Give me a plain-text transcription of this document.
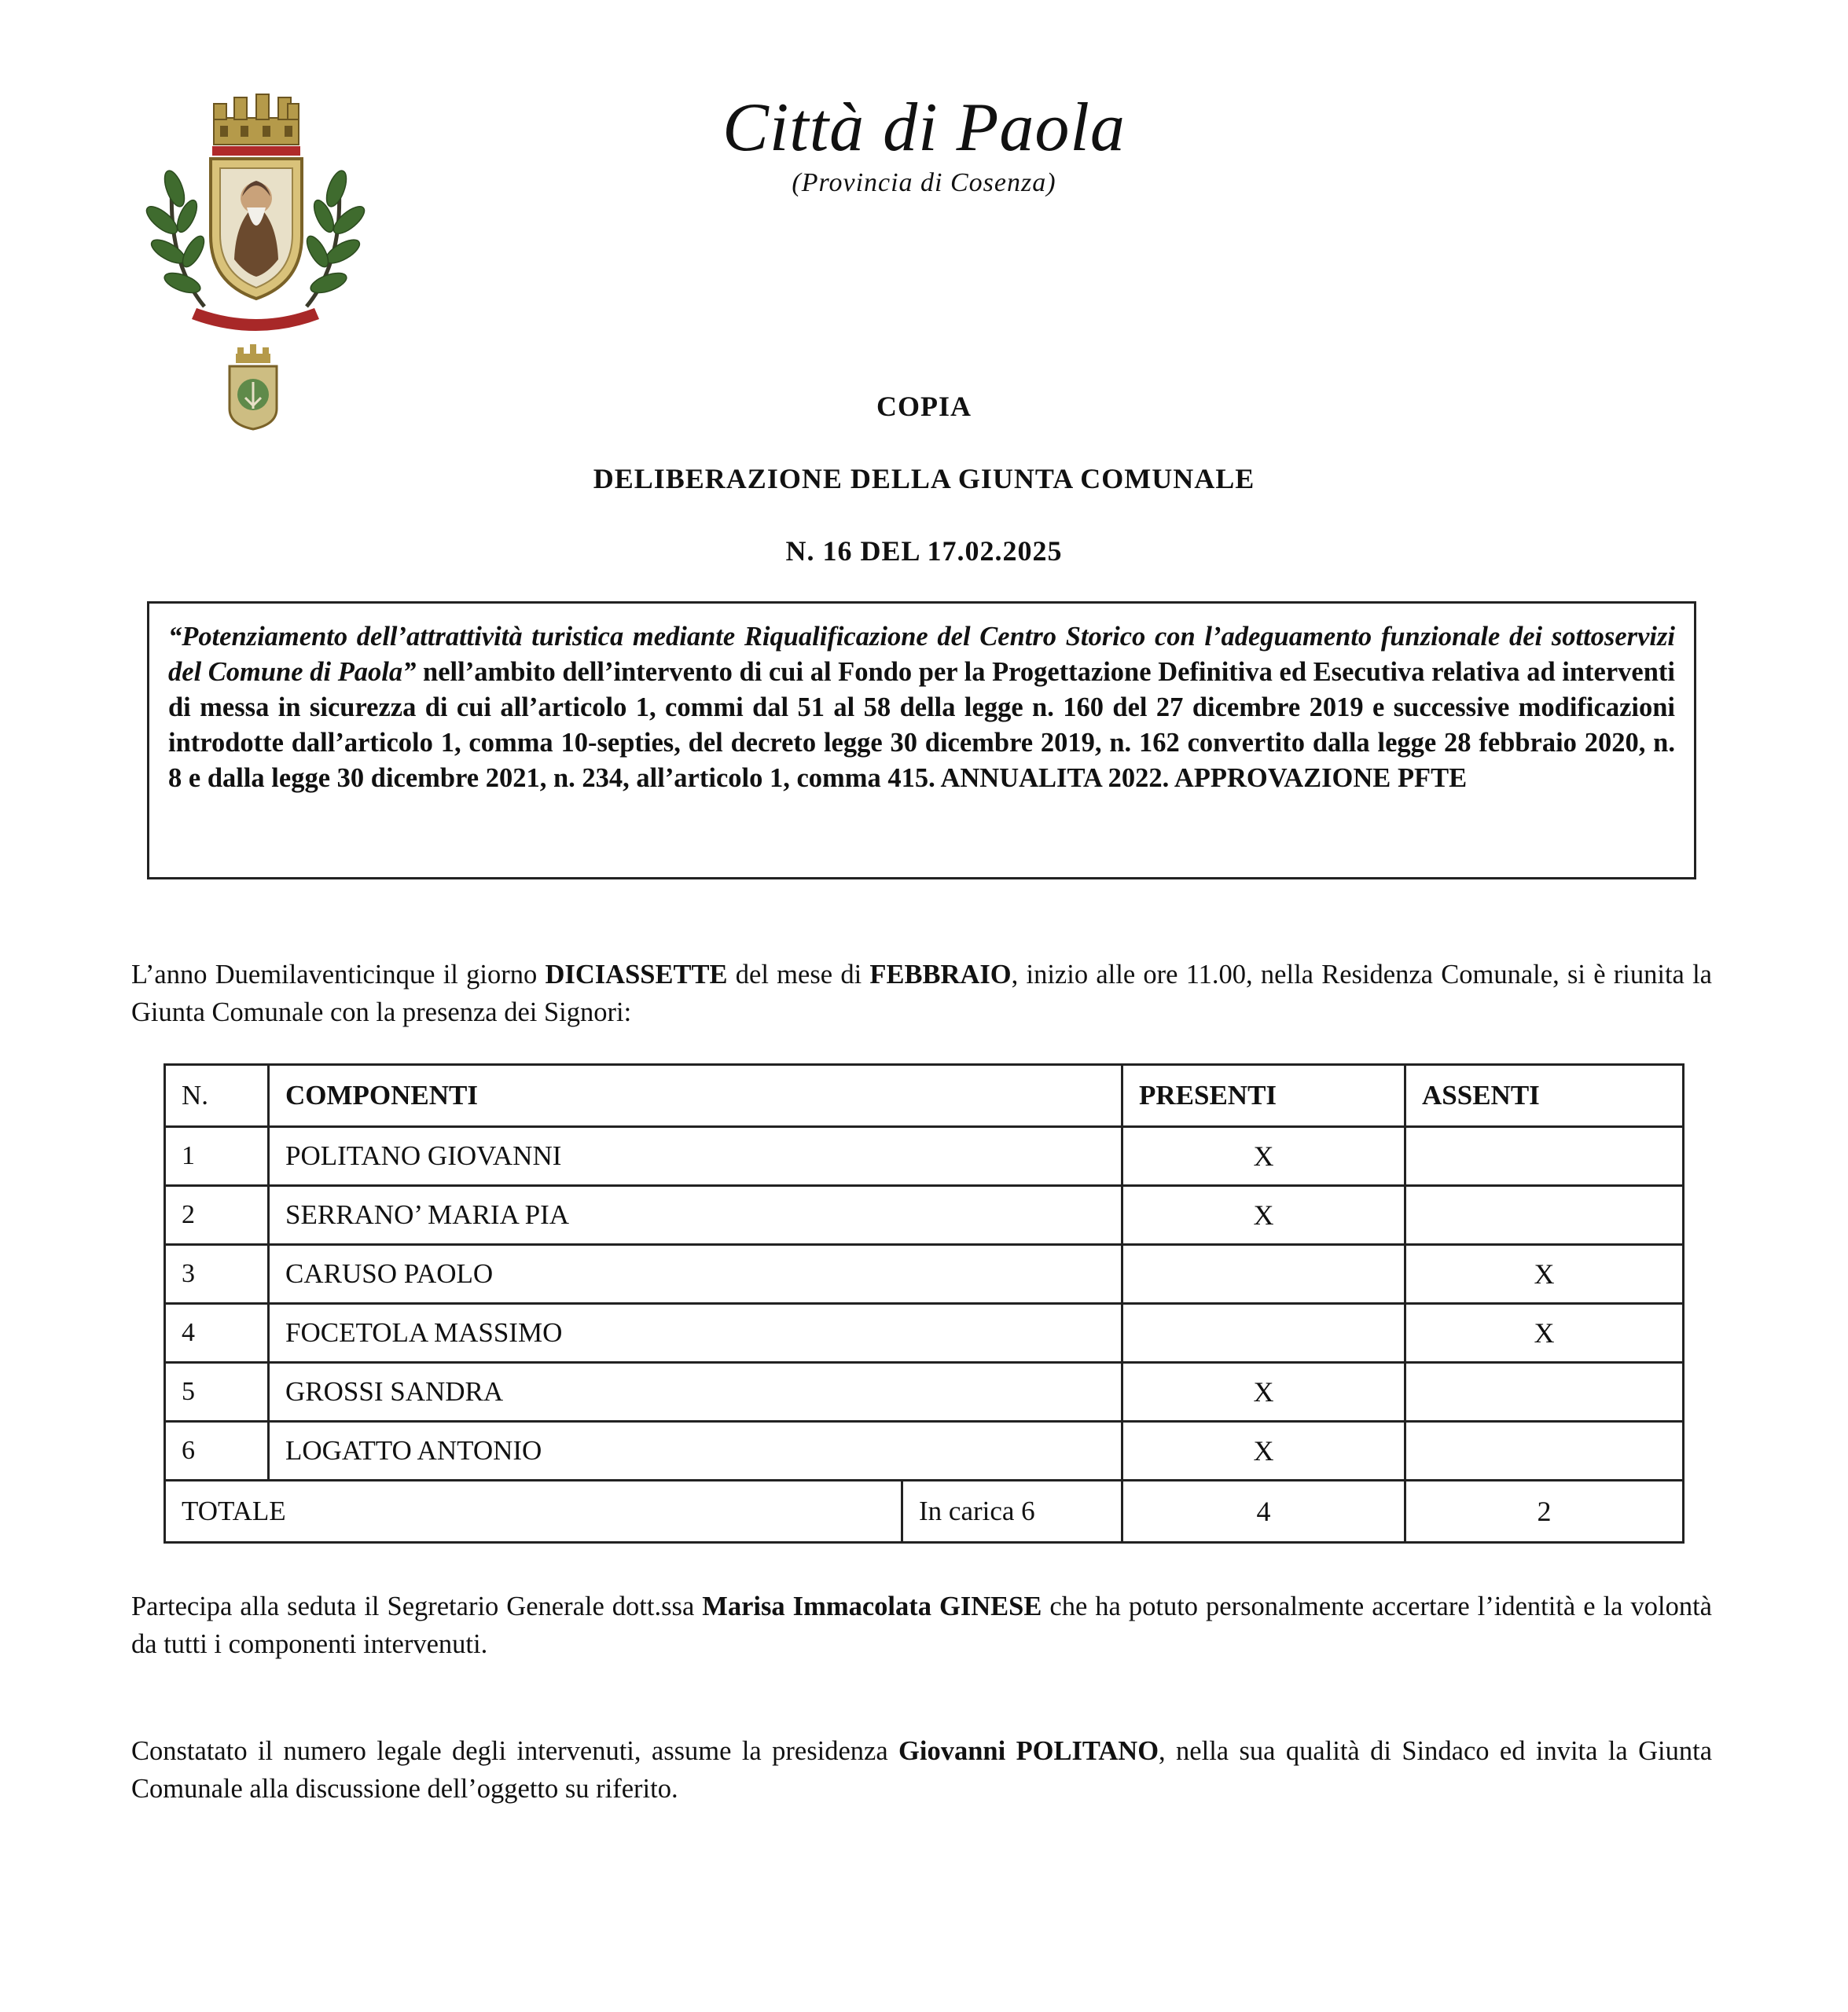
Città di Paola
(Provincia di Cosenza)
COPIA
DELIBERAZIONE DELLA GIUNTA COMUNALE
N. 16 DEL 17.02.2025

“Potenziamento dell’attrattività turistica mediante Riqualificazione del Centro Storico con l’adeguamento funzionale dei sottoservizi del Comune di Paola” nell’ambito dell’intervento di cui al Fondo per la Progettazione Definitiva ed Esecutiva relativa ad interventi di messa in sicurezza di cui all’articolo 1, commi dal 51 al 58 della legge n. 160 del 27 dicembre 2019 e successive modificazioni introdotte dall’articolo 1, comma 10-septies, del decreto legge 30 dicembre 2019, n. 162 convertito dalla legge 28 febbraio 2020, n. 8 e dalla legge 30 dicembre 2021, n. 234, all’articolo 1, comma 415. ANNUALITA 2022. APPROVAZIONE PFTE

L’anno Duemilaventicinque il giorno DICIASSETTE del mese di FEBBRAIO, inizio alle ore 11.00, nella Residenza Comunale, si è riunita la Giunta Comunale con la presenza dei Signori:

N.	COMPONENTI		PRESENTI	ASSENTI
1	POLITANO GIOVANNI		X	
2	SERRANO’ MARIA PIA		X	
3	CARUSO PAOLO			X
4	FOCETOLA MASSIMO			X
5	GROSSI SANDRA		X	
6	LOGATTO ANTONIO		X	
TOTALE		In carica 6	4	2

Partecipa alla seduta il Segretario Generale dott.ssa Marisa Immacolata GINESE che ha potuto personalmente accertare l’identità e la volontà da tutti i componenti intervenuti.

Constatato il numero legale degli intervenuti, assume la presidenza Giovanni POLITANO, nella sua qualità di Sindaco ed invita la Giunta Comunale alla discussione dell’oggetto su riferito.
